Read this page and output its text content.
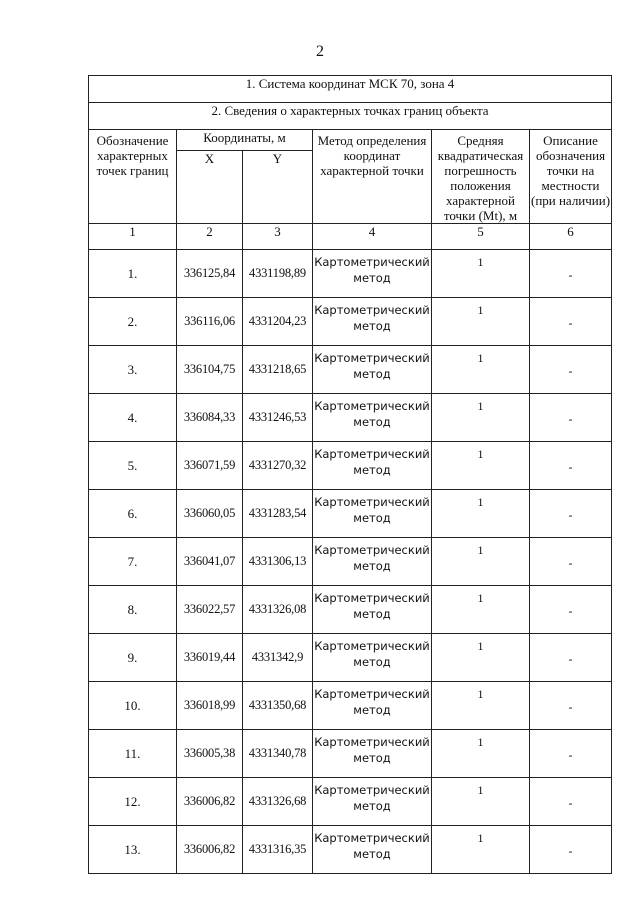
2
1. Система координат МСК 70, зона 4					
2. Сведения о характерных точках границ объекта					
Обозначение характерных точек границ	Координаты, м		Метод определения координат характерной точки	Средняя квадратическая погрешность положения характерной точки (Mt), м	Описание обозначения точки на местности (при наличии)
	X	Y			
1	2	3	4	5	6
1.	336125,84	4331198,89	Картометрический метод	1	-
2.	336116,06	4331204,23	Картометрический метод	1	-
3.	336104,75	4331218,65	Картометрический метод	1	-
4.	336084,33	4331246,53	Картометрический метод	1	-
5.	336071,59	4331270,32	Картометрический метод	1	-
6.	336060,05	4331283,54	Картометрический метод	1	-
7.	336041,07	4331306,13	Картометрический метод	1	-
8.	336022,57	4331326,08	Картометрический метод	1	-
9.	336019,44	4331342,9	Картометрический метод	1	-
10.	336018,99	4331350,68	Картометрический метод	1	-
11.	336005,38	4331340,78	Картометрический метод	1	-
12.	336006,82	4331326,68	Картометрический метод	1	-
13.	336006,82	4331316,35	Картометрический метод	1	-
